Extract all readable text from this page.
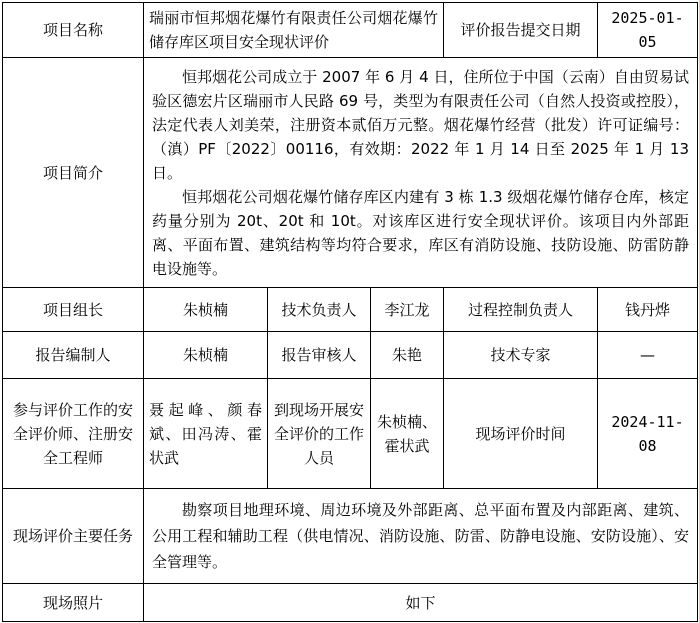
项目名称	瑞丽市恒邦烟花爆竹有限责任公司烟花爆竹储存库区项目安全现状评价			评价报告提交日期	2025-01-05
项目简介	恒邦烟花公司成立于 2007 年 6 月 4 日，住所位于中国（云南）自由贸易试验区德宏片区瑞丽市人民路 69 号，类型为有限责任公司（自然人投资或控股），法定代表人刘美荣，注册资本贰佰万元整。烟花爆竹经营（批发）许可证编号：（滇）PF〔2022〕00116，有效期：2022 年 1 月 14 日至 2025 年 1 月 13 日。

恒邦烟花公司烟花爆竹储存库区内建有 3 栋 1.3 级烟花爆竹储存仓库，核定药量分别为 20t、20t 和 10t。对该库区进行安全现状评价。该项目内外部距离、平面布置、建筑结构等均符合要求，库区有消防设施、技防设施、防雷防静电设施等。				

项目组长	朱桢楠	技术负责人	李江龙	过程控制负责人	钱丹烨
报告编制人	朱桢楠	报告审核人	朱艳	技术专家	—
参与评价工作的安全评价师、注册安全工程师	聂起峰、颜春斌、田冯涛、霍状武	到现场开展安全评价的工作人员	朱桢楠、霍状武	现场评价时间	2024-11-08
现场评价主要任务	勘察项目地理环境、周边环境及外部距离、总平面布置及内部距离、建筑、公用工程和辅助工程（供电情况、消防设施、防雷、防静电设施、安防设施）、安全管理等。				

现场照片	如下				
